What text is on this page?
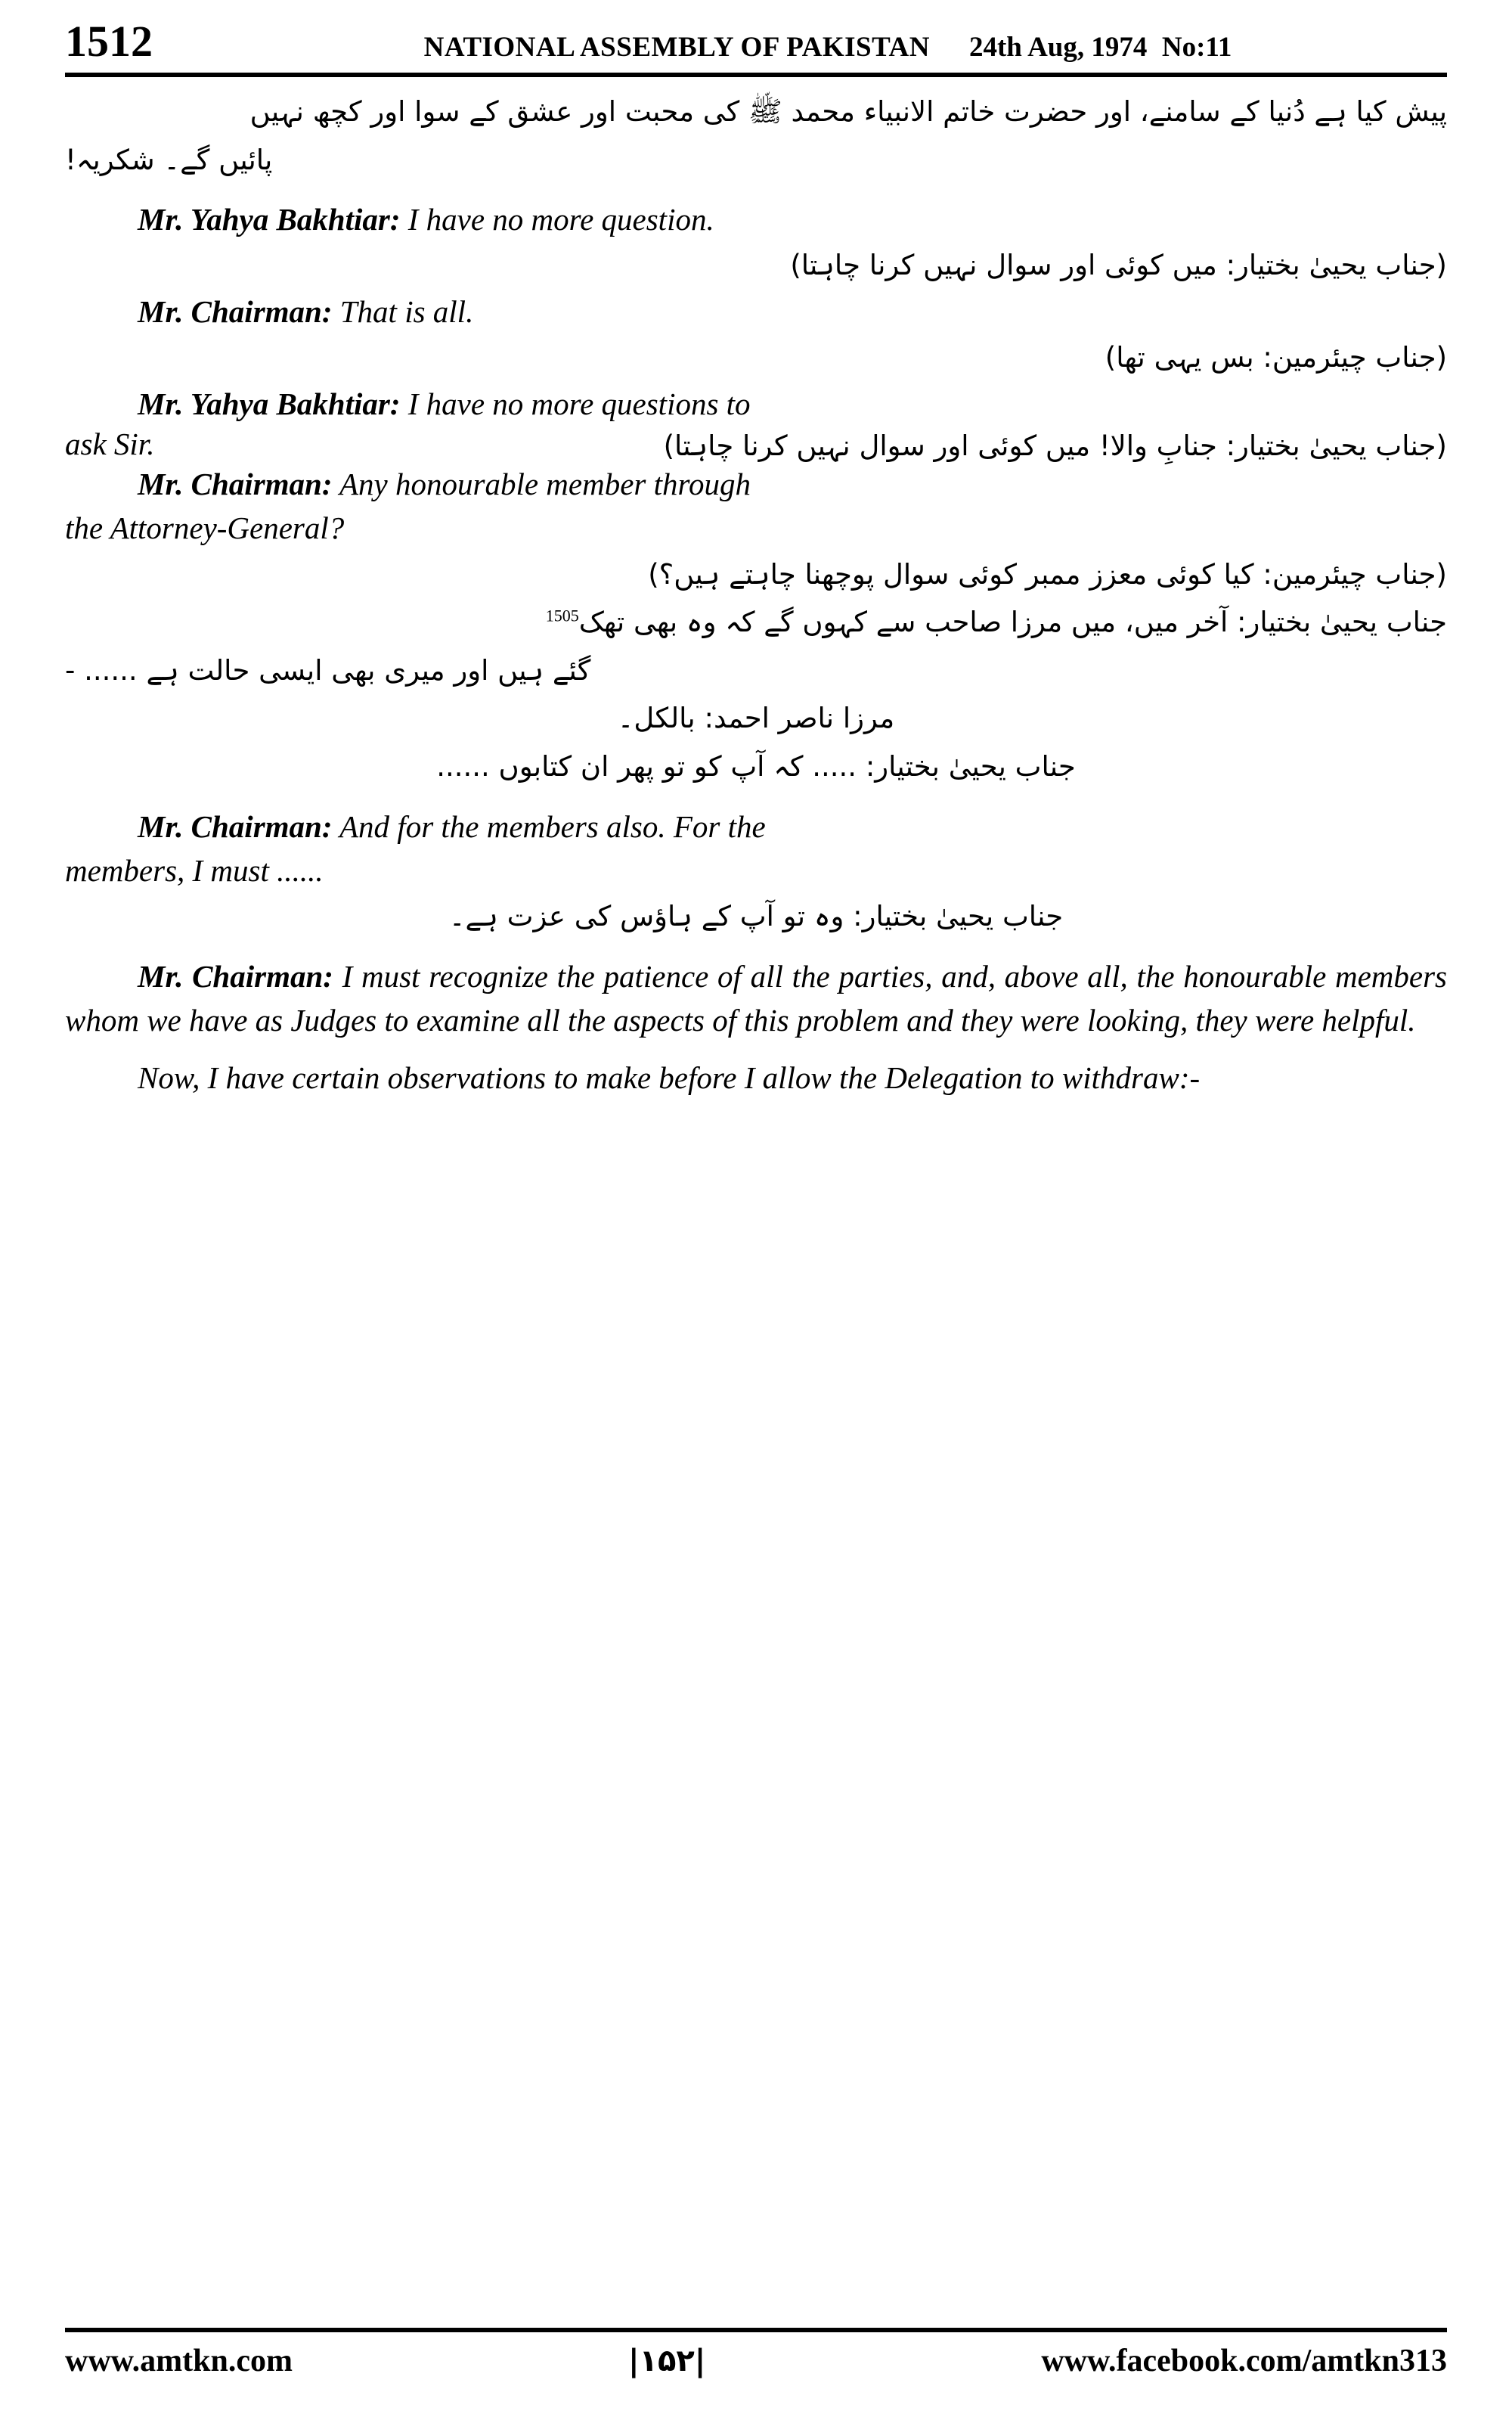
1512	NATIONAL ASSEMBLY OF PAKISTAN 24th Aug, 1974 No:11
پیش کیا ہے دُنیا کے سامنے، اور حضرت خاتم الانبیاء محمد ﷺ کی محبت اور عشق کے سوا اور کچھ نہیں
پائیں گے۔ شکریہ!
Mr. Yahya Bakhtiar: I have no more question.
(جناب یحییٰ بختیار: میں کوئی اور سوال نہیں کرنا چاہتا)
Mr. Chairman: That is all.
(جناب چیئرمین: بس یہی تھا)
Mr. Yahya Bakhtiar: I have no more questions to
ask Sir.	(جناب یحییٰ بختیار: جنابِ والا! میں کوئی اور سوال نہیں کرنا چاہتا)
Mr. Chairman: Any honourable member through
the Attorney-General?
(جناب چیئرمین: کیا کوئی معزز ممبر کوئی سوال پوچھنا چاہتے ہیں؟)
جناب یحییٰ بختیار: آخر میں، میں مرزا صاحب سے کہوں گے کہ وہ بھی تھک$^{1505}$
گئے ہیں اور میری بھی ایسی حالت ہے ...... -
مرزا ناصر احمد: بالکل۔
جناب یحییٰ بختیار: ..... کہ آپ کو تو پھر ان کتابوں ......
Mr. Chairman: And for the members also. For the
members, I must ......
جناب یحییٰ بختیار: وہ تو آپ کے ہاؤس کی عزت ہے۔
Mr. Chairman: I must recognize the patience of all the parties, and, above all, the honourable members whom we have as Judges to examine all the aspects of this problem and they were looking, they were helpful.
Now, I have certain observations to make before I allow the Delegation to withdraw:-
www.amtkn.com	|۱۵۲|	www.facebook.com/amtkn313
